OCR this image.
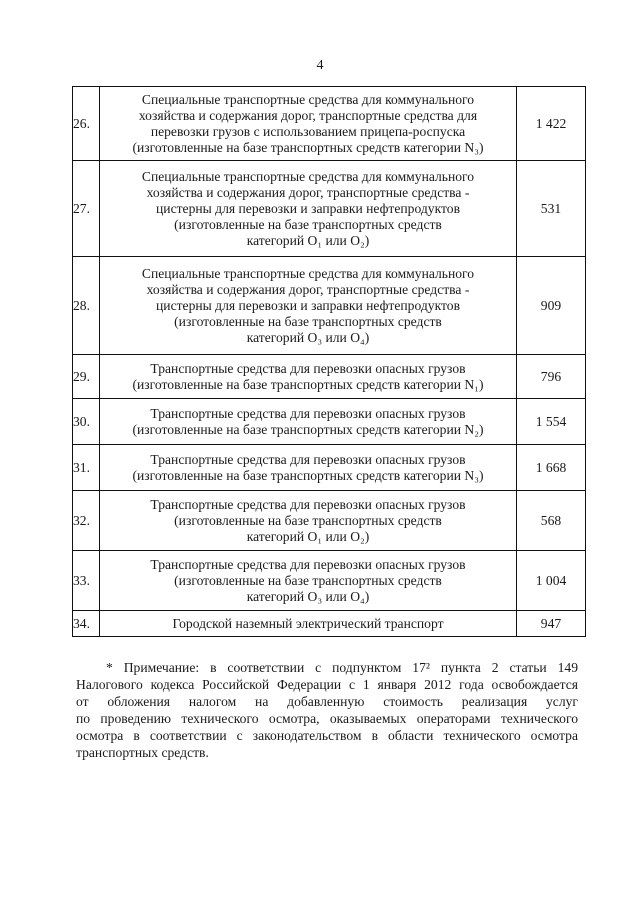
4
26.	Специальные транспортные средства для коммунального
хозяйства и содержания дорог, транспортные средства для
перевозки грузов с использованием прицепа-роспуска
(изготовленные на базе транспортных средств категории N₃)	1 422
27.	Специальные транспортные средства для коммунального
хозяйства и содержания дорог, транспортные средства -
цистерны для перевозки и заправки нефтепродуктов
(изготовленные на базе транспортных средств
категорий O₁ или O₂)	531
28.	Специальные транспортные средства для коммунального
хозяйства и содержания дорог, транспортные средства -
цистерны для перевозки и заправки нефтепродуктов
(изготовленные на базе транспортных средств
категорий O₃ или O₄)	909
29.	Транспортные средства для перевозки опасных грузов
(изготовленные на базе транспортных средств категории N₁)	796
30.	Транспортные средства для перевозки опасных грузов
(изготовленные на базе транспортных средств категории N₂)	1 554
31.	Транспортные средства для перевозки опасных грузов
(изготовленные на базе транспортных средств категории N₃)	1 668
32.	Транспортные средства для перевозки опасных грузов
(изготовленные на базе транспортных средств
категорий O₁ или O₂)	568
33.	Транспортные средства для перевозки опасных грузов
(изготовленные на базе транспортных средств
категорий O₃ или O₄)	1 004
34.	Городской наземный электрический транспорт	947
* Примечание: в соответствии с подпунктом 17² пункта 2 статьи 149
Налогового кодекса Российской Федерации с 1 января 2012 года освобождается
от обложения налогом на добавленную стоимость реализация услуг
по проведению технического осмотра, оказываемых операторами технического
осмотра в соответствии с законодательством в области технического осмотра
транспортных средств.
